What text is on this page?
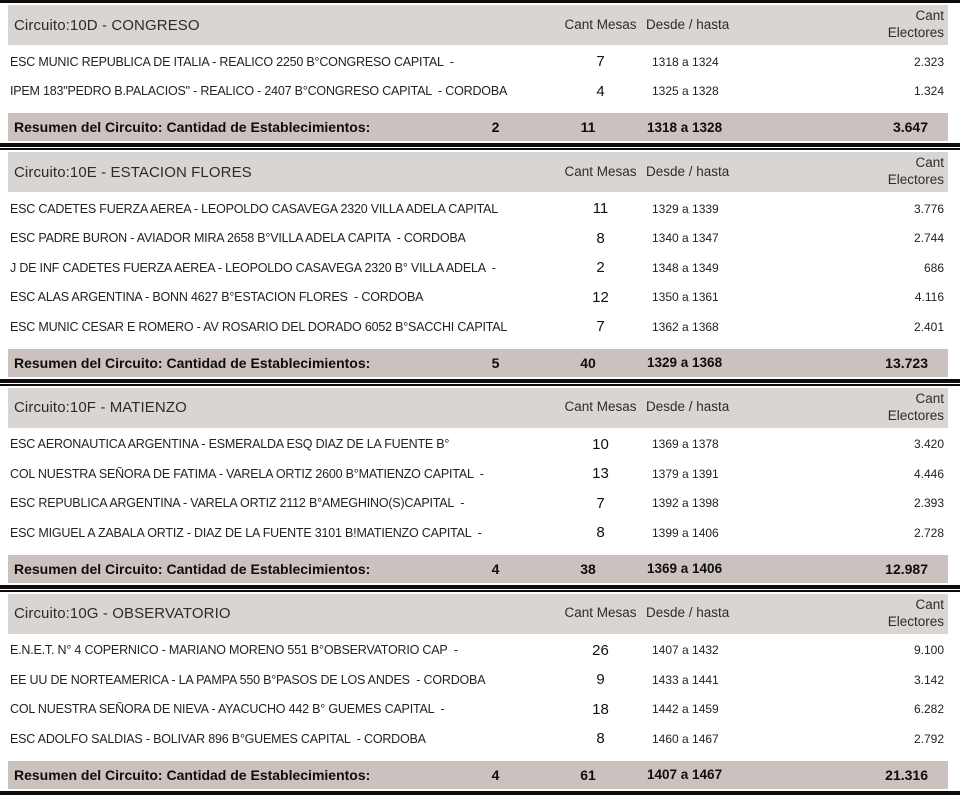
Circuito:10D - CONGRESO	Cant Mesas Desde / hasta
Cant Electores
ESC MUNIC REPUBLICA DE ITALIA - REALICO 2250 B°CONGRESO CAPITAL  -	7	1318 a 1324	2.323
IPEM 183"PEDRO B.PALACIOS" - REALICO - 2407 B°CONGRESO CAPITAL  - CORDOBA	4	1325 a 1328	1.324
Resumen del Circuito: Cantidad de Establecimientos:	2	11	1318 a 1328	3.647
Circuito:10E - ESTACION FLORES	Cant Mesas Desde / hasta
Cant Electores
ESC CADETES FUERZA AEREA - LEOPOLDO CASAVEGA 2320 VILLA ADELA CAPITAL	11	1329 a 1339	3.776
ESC PADRE BURON - AVIADOR MIRA 2658 B°VILLA ADELA CAPITA  - CORDOBA	8	1340 a 1347	2.744
J DE INF CADETES FUERZA AEREA - LEOPOLDO CASAVEGA 2320 B° VILLA ADELA  -	2	1348 a 1349	686
ESC ALAS ARGENTINA - BONN 4627 B°ESTACION FLORES  - CORDOBA	12	1350 a 1361	4.116
ESC MUNIC CESAR E ROMERO - AV ROSARIO DEL DORADO 6052 B°SACCHI CAPITAL	7	1362 a 1368	2.401
Resumen del Circuito: Cantidad de Establecimientos:	5	40	1329 a 1368	13.723
Circuito:10F - MATIENZO	Cant Mesas Desde / hasta
Cant Electores
ESC AERONAUTICA ARGENTINA - ESMERALDA ESQ DIAZ DE LA FUENTE B°	10	1369 a 1378	3.420
COL NUESTRA SEÑORA DE FATIMA - VARELA ORTIZ 2600 B°MATIENZO CAPITAL  -	13	1379 a 1391	4.446
ESC REPUBLICA ARGENTINA - VARELA ORTIZ 2112 B°AMEGHINO(S)CAPITAL  -	7	1392 a 1398	2.393
ESC MIGUEL A ZABALA ORTIZ - DIAZ DE LA FUENTE 3101 B!MATIENZO CAPITAL  -	8	1399 a 1406	2.728
Resumen del Circuito: Cantidad de Establecimientos:	4	38	1369 a 1406	12.987
Circuito:10G - OBSERVATORIO	Cant Mesas Desde / hasta
Cant Electores
E.N.E.T. N° 4 COPERNICO - MARIANO MORENO 551 B°OBSERVATORIO CAP  -	26	1407 a 1432	9.100
EE UU DE NORTEAMERICA - LA PAMPA 550 B°PASOS DE LOS ANDES  - CORDOBA	9	1433 a 1441	3.142
COL NUESTRA SEÑORA DE NIEVA - AYACUCHO 442 B° GUEMES CAPITAL  -	18	1442 a 1459	6.282
ESC ADOLFO SALDIAS - BOLIVAR 896 B°GUEMES CAPITAL  - CORDOBA	8	1460 a 1467	2.792
Resumen del Circuito: Cantidad de Establecimientos:	4	61	1407 a 1467	21.316
